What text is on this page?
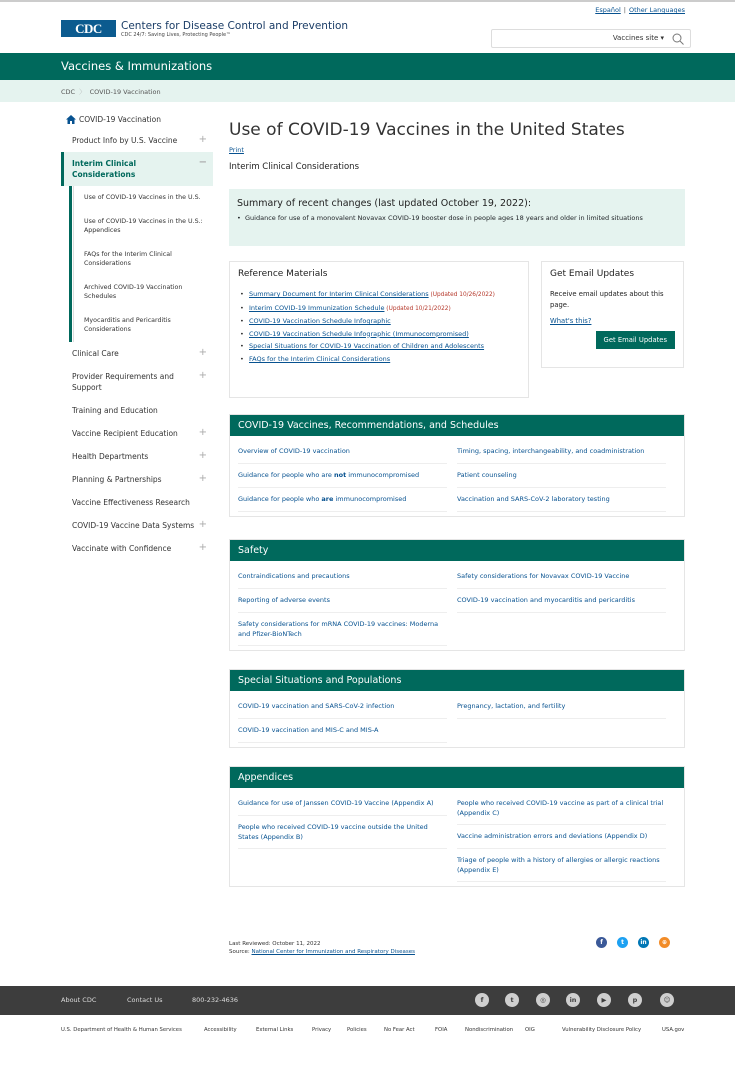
Español | Other Languages
CDC	Centers for Disease Control and Prevention
CDC 24/7: Saving Lives, Protecting People™	Vaccines site ▾
Vaccines & Immunizations
CDC 〉 COVID-19 Vaccination
COVID-19 Vaccination
Product Info by U.S. Vaccine +
Interim Clinical Considerations
−
Use of COVID-19 Vaccines in the U.S.
Use of COVID-19 Vaccines in the U.S.: Appendices
FAQs for the Interim Clinical Considerations
Archived COVID-19 Vaccination Schedules
Myocarditis and Pericarditis Considerations
Clinical Care	+
Provider Requirements and Support
+
Training and Education
Vaccine Recipient Education +
Health Departments	+
Planning & Partnerships	+
Vaccine Effectiveness Research
COVID-19 Vaccine Data Systems +
Vaccinate with Confidence	+
Use of COVID-19 Vaccines in the United States
Print
Interim Clinical Considerations
Summary of recent changes (last updated October 19, 2022):
• Guidance for use of a monovalent Novavax COVID-19 booster dose in people ages 18 years and older in limited situations
Reference Materials
• Summary Document for Interim Clinical Considerations (Updated 10/26/2022)
• Interim COVID-19 Immunization Schedule (Updated 10/21/2022)
• COVID-19 Vaccination Schedule Infographic
• COVID-19 Vaccination Schedule Infographic (Immunocompromised)
• Special Situations for COVID-19 Vaccination of Children and Adolescents
• FAQs for the Interim Clinical Considerations
Get Email Updates

Receive email updates about this page.

What's this?
Get Email Updates
COVID-19 Vaccines, Recommendations, and Schedules
Overview of COVID-19 vaccination
Guidance for people who are not immunocompromised
Guidance for people who are immunocompromised
Timing, spacing, interchangeability, and coadministration
Patient counseling
Vaccination and SARS-CoV-2 laboratory testing
Safety
Contraindications and precautions
Reporting of adverse events
Safety considerations for mRNA COVID-19 vaccines: Moderna and Pfizer-BioNTech
Safety considerations for Novavax COVID-19 Vaccine
COVID-19 vaccination and myocarditis and pericarditis
Special Situations and Populations
COVID-19 vaccination and SARS-CoV-2 infection
COVID-19 vaccination and MIS-C and MIS-A
Pregnancy, lactation, and fertility
Appendices
Guidance for use of Janssen COVID-19 Vaccine (Appendix A)
People who received COVID-19 vaccine outside the United States (Appendix B)
People who received COVID-19 vaccine as part of a clinical trial (Appendix C)
Vaccine administration errors and deviations (Appendix D)
Triage of people with a history of allergies or allergic reactions (Appendix E)
Last Reviewed: October 11, 2022
Source: National Center for Immunization and Respiratory Diseases
f	t	in	⊕
About CDC	Contact Us	800-232-4636	f	t	◎	in	▶	p	☺
U.S. Department of Health & Human Services	Accessibility	External Links	Privacy	Policies	No Fear Act	FOIA	Nondiscrimination OIG	Vulnerability Disclosure Policy	USA.gov
